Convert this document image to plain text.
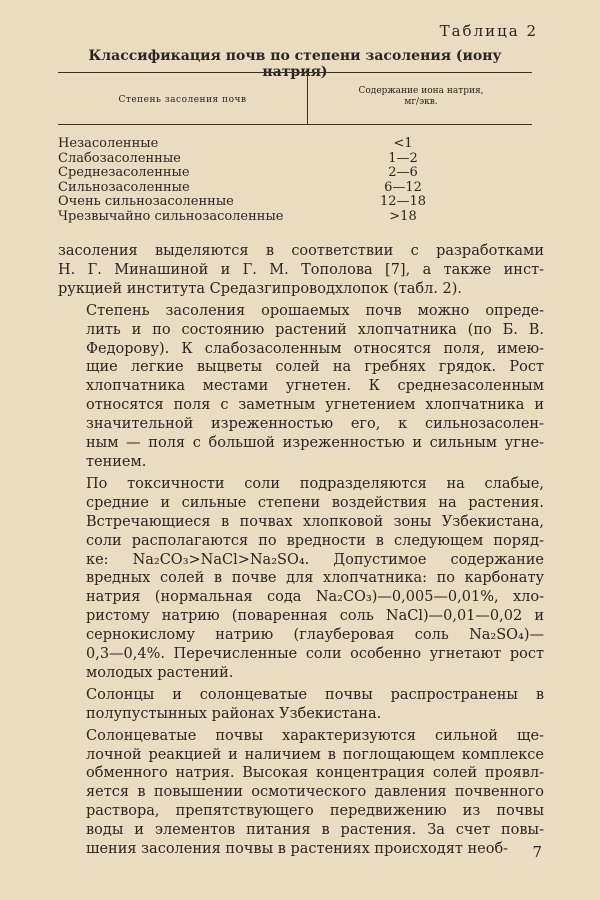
Таблица 2
Классификация почв по степени засоления (иону натрия)
Степень засоления почв
Содержание иона натрия,
мг/экв.
Незасоленные	<1
Слабозасоленные	1—2
Среднезасоленные	2—6
Сильнозасоленные	6—12
Очень сильнозасоленные	12—18
Чрезвычайно сильнозасоленные	>18

засоления выделяются в соответствии с разработками
Н. Г. Минашиной и Г. М. Тополова [7], а также инст-
рукцией института Средазгипроводхлопок (табл. 2).

Степень засоления орошаемых почв можно опреде-
лить и по состоянию растений хлопчатника (по Б. В.
Федорову). К слабозасоленным относятся поля, имею-
щие легкие выцветы солей на гребнях грядок. Рост
хлопчатника местами угнетен. К среднезасоленным
относятся поля с заметным угнетением хлопчатника и
значительной изреженностью его, к сильнозасолен-
ным — поля с большой изреженностью и сильным угне-
тением.

По токсичности соли подразделяются на слабые,
средние и сильные степени воздействия на растения.
Встречающиеся в почвах хлопковой зоны Узбекистана,
соли располагаются по вредности в следующем поряд-
ке: Na₂CO₃>NaCl>Na₂SO₄. Допустимое содержание
вредных солей в почве для хлопчатника: по карбонату
натрия (нормальная сода Na₂CO₃)—0,005—0,01%, хло-
ристому натрию (поваренная соль NaCl)—0,01—0,02 и
сернокислому натрию (глауберовая соль Na₂SO₄)—
0,3—0,4%. Перечисленные соли особенно угнетают рост
молодых растений.

Солонцы и солонцеватые почвы распространены в
полупустынных районах Узбекистана.

Солонцеватые почвы характеризуются сильной ще-
лочной реакцией и наличием в поглощающем комплексе
обменного натрия. Высокая концентрация солей проявл-
яется в повышении осмотического давления почвенного
раствора, препятствующего передвижению из почвы
воды и элементов питания в растения. За счет повы-
шения засоления почвы в растениях происходят необ-	7
